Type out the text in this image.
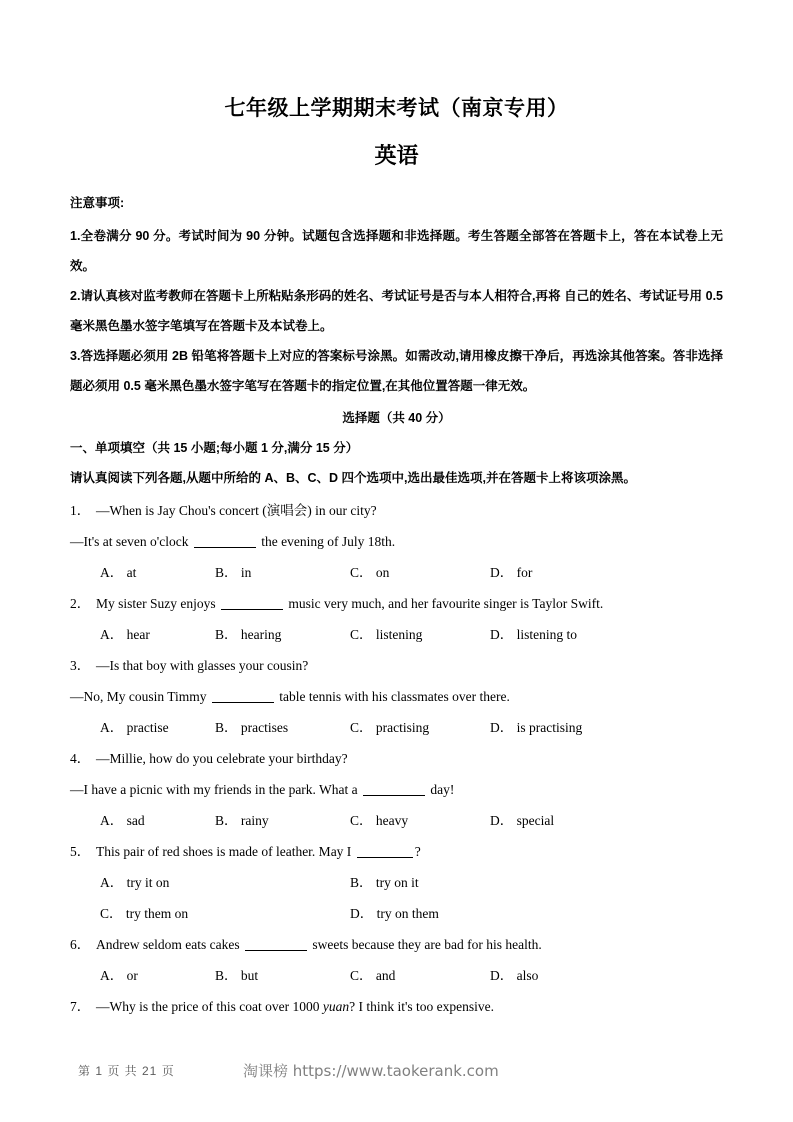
七年级上学期期末考试（南京专用）
英语

注意事项:

1.全卷满分 90 分。考试时间为 90 分钟。试题包含选择题和非选择题。考生答题全部答在答题卡上，答在本试卷上无效。

2.请认真核对监考教师在答题卡上所粘贴条形码的姓名、考试证号是否与本人相符合,再将 自己的姓名、考试证号用 0.5 毫米黑色墨水签字笔填写在答题卡及本试卷上。

3.答选择题必须用 2B 铅笔将答题卡上对应的答案标号涂黑。如需改动,请用橡皮擦干净后，再选涂其他答案。答非选择题必须用 0.5 毫米黑色墨水签字笔写在答题卡的指定位置,在其他位置答题一律无效。

选择题（共 40 分）

一、单项填空（共 15 小题;每小题 1 分,满分 15 分）

请认真阅读下列各题,从题中所给的 A、B、C、D 四个选项中,选出最佳选项,并在答题卡上将该项涂黑。

1． —When is Jay Chou's concert (演唱会) in our city?

—It's at seven o'clock	the evening of July 18th.

A． at	B． in	C． on	D． for

2． My sister Suzy enjoys	music very much, and her favourite singer is Taylor Swift.

A． hear	B． hearing	C． listening	D． listening to

3． —Is that boy with glasses your cousin?

—No, My cousin Timmy	table tennis with his classmates over there.

A． practise	B． practises	C． practising	D． is practising

4． —Millie, how do you celebrate your birthday?

—I have a picnic with my friends in the park. What a	day!

A． sad	B． rainy	C． heavy	D． special

5． This pair of red shoes is made of leather. May I	?

A． try it on	B． try on it
C． try them on	D． try on them

6． Andrew seldom eats cakes	sweets because they are bad for his health.

A． or	B． but	C． and	D． also

7． —Why is the price of this coat over 1000 yuan? I think it's too expensive.

第 1 页 共 21 页	淘课榜 https://www.taokerank.com
